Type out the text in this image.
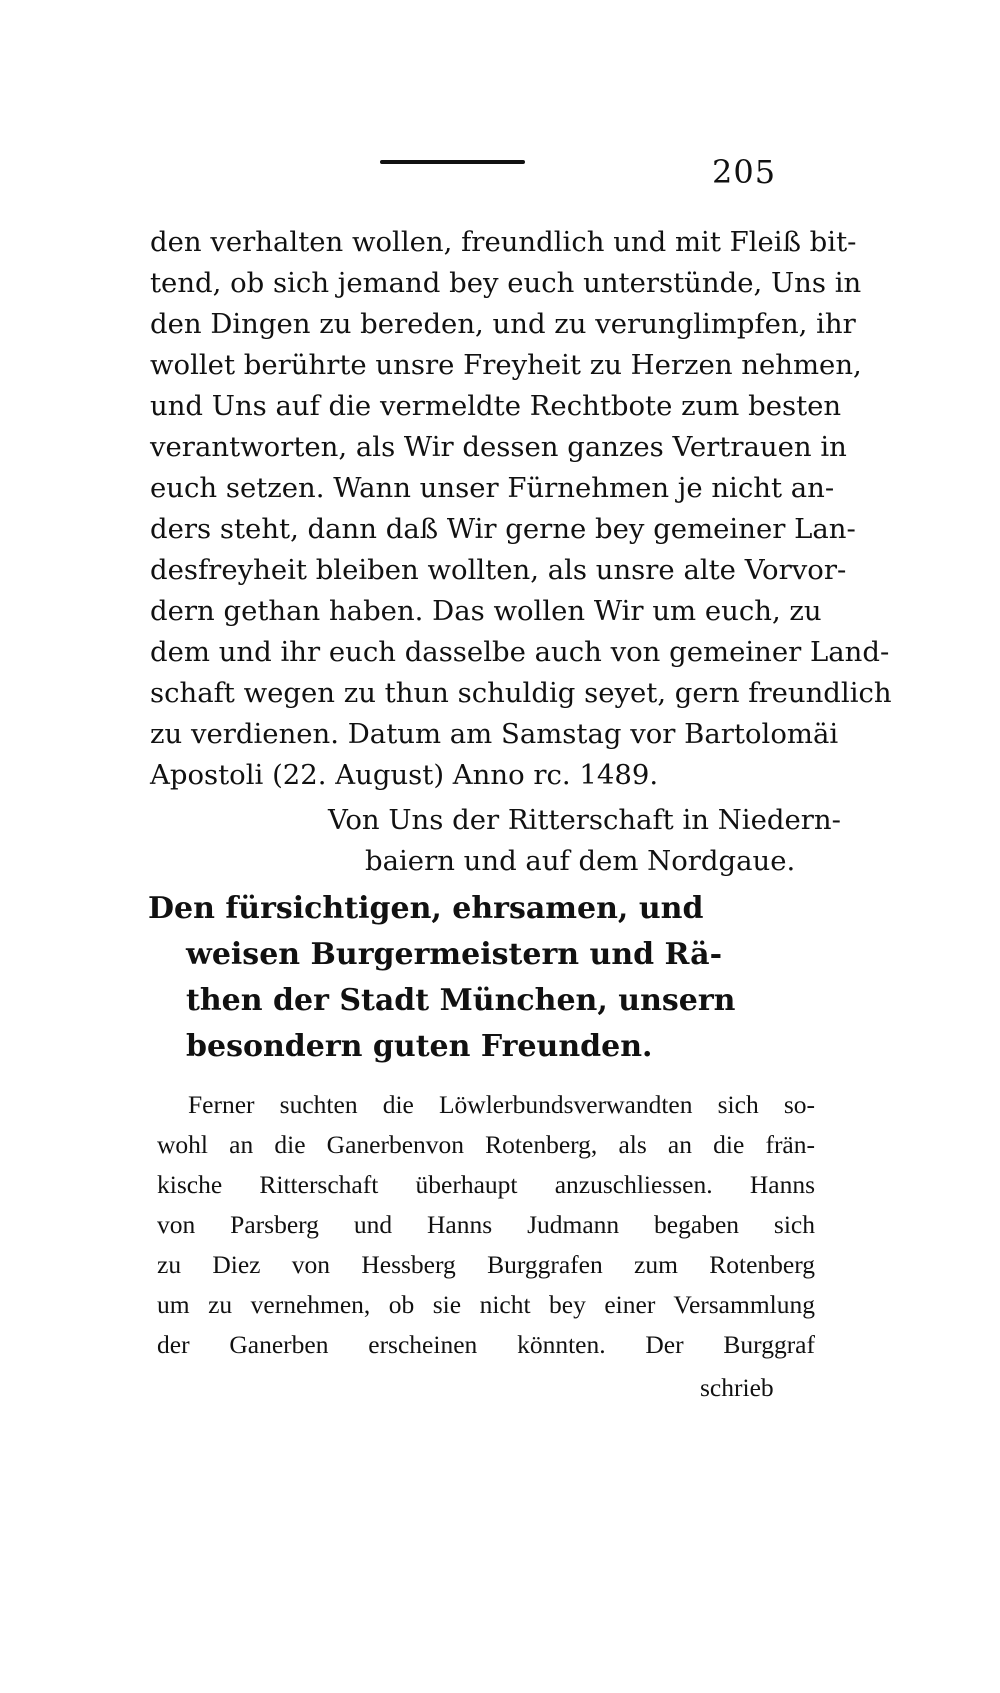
205
den verhalten wollen, freundlich und mit Fleiß bit-
tend, ob sich jemand bey euch unterstünde, Uns in
den Dingen zu bereden, und zu verunglimpfen, ihr
wollet berührte unsre Freyheit zu Herzen nehmen,
und Uns auf die vermeldte Rechtbote zum besten
verantworten, als Wir dessen ganzes Vertrauen in
euch setzen. Wann unser Fürnehmen je nicht an-
ders steht, dann daß Wir gerne bey gemeiner Lan-
desfreyheit bleiben wollten, als unsre alte Vorvor-
dern gethan haben. Das wollen Wir um euch, zu
dem und ihr euch dasselbe auch von gemeiner Land-
schaft wegen zu thun schuldig seyet, gern freundlich
zu verdienen. Datum am Samstag vor Bartolomäi
Apostoli (22. August) Anno rc. 1489.
Von Uns der Ritterschaft in Niedern-
baiern und auf dem Nordgaue.
Den fürsichtigen, ehrsamen, und
weisen Burgermeistern und Rä-
then der Stadt München, unsern
besondern guten Freunden.
Ferner suchten die Löwlerbundsverwandten sich so-
wohl an die Ganerbenvon Rotenberg, als an die frän-
kische Ritterschaft überhaupt anzuschliessen. Hanns
von Parsberg und Hanns Judmann begaben sich
zu Diez von Hessberg Burggrafen zum Rotenberg
um zu vernehmen, ob sie nicht bey einer Versammlung
der Ganerben erscheinen könnten. Der Burggraf
schrieb
